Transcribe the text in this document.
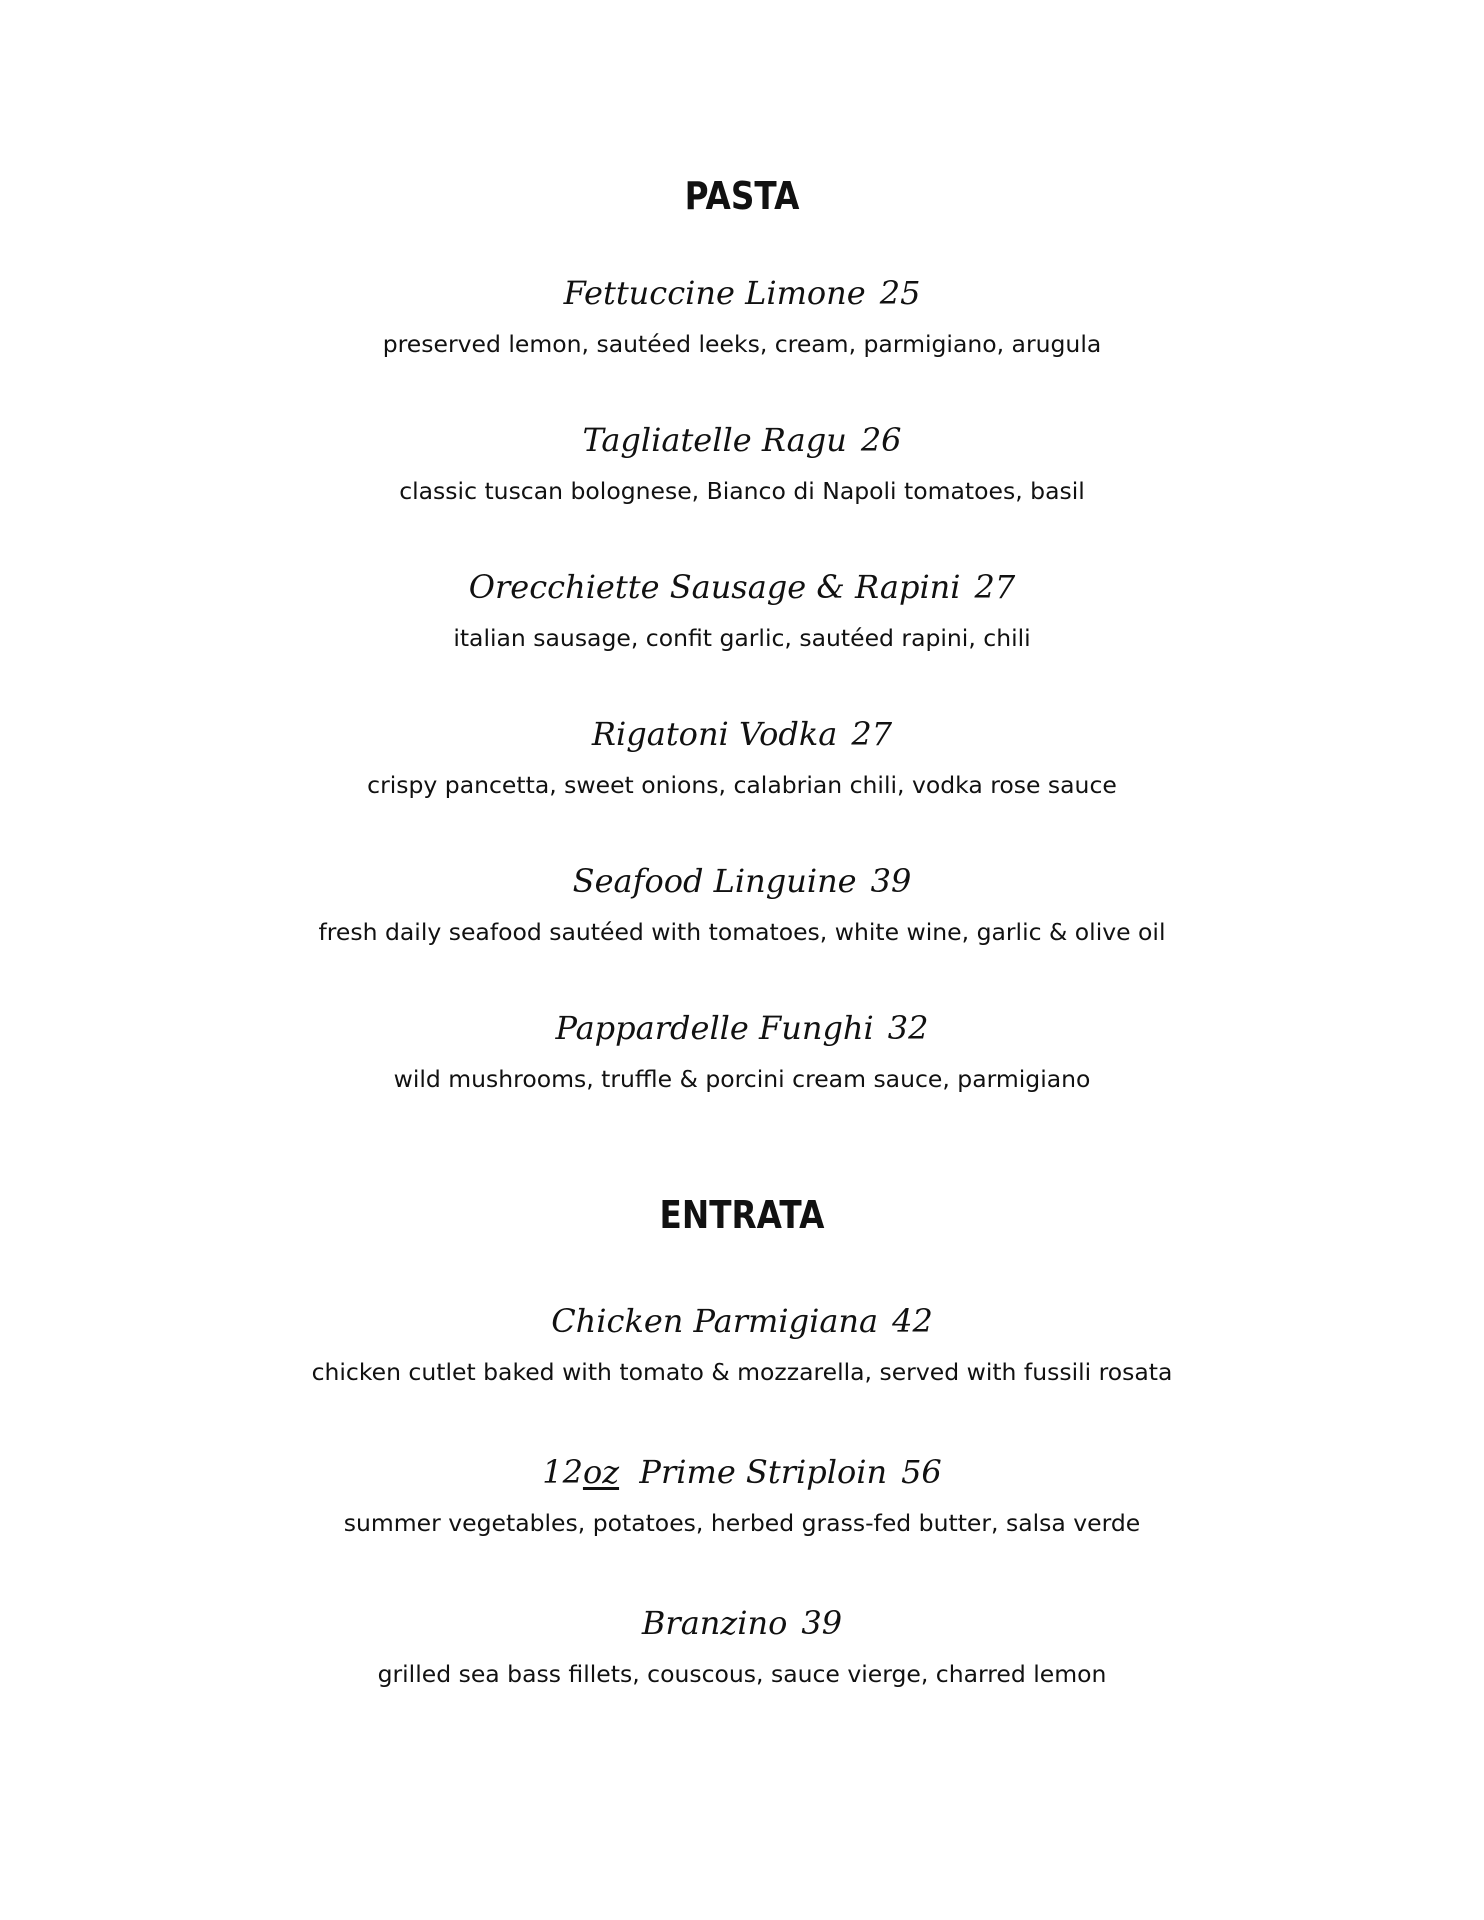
PASTA
Fettuccine Limone 25
preserved lemon, sautéed leeks, cream, parmigiano, arugula
Tagliatelle Ragu 26
classic tuscan bolognese, Bianco di Napoli tomatoes, basil
Orecchiette Sausage & Rapini 27
italian sausage, confit garlic, sautéed rapini, chili
Rigatoni Vodka 27
crispy pancetta, sweet onions, calabrian chili, vodka rose sauce
Seafood Linguine 39
fresh daily seafood sautéed with tomatoes, white wine, garlic & olive oil
Pappardelle Funghi 32
wild mushrooms, truffle & porcini cream sauce, parmigiano
ENTRATA
Chicken Parmigiana 42
chicken cutlet baked with tomato & mozzarella, served with fussili rosata
12oz Prime Striploin 56
summer vegetables, potatoes, herbed grass-fed butter, salsa verde
Branzino 39
grilled sea bass fillets, couscous, sauce vierge, charred lemon
